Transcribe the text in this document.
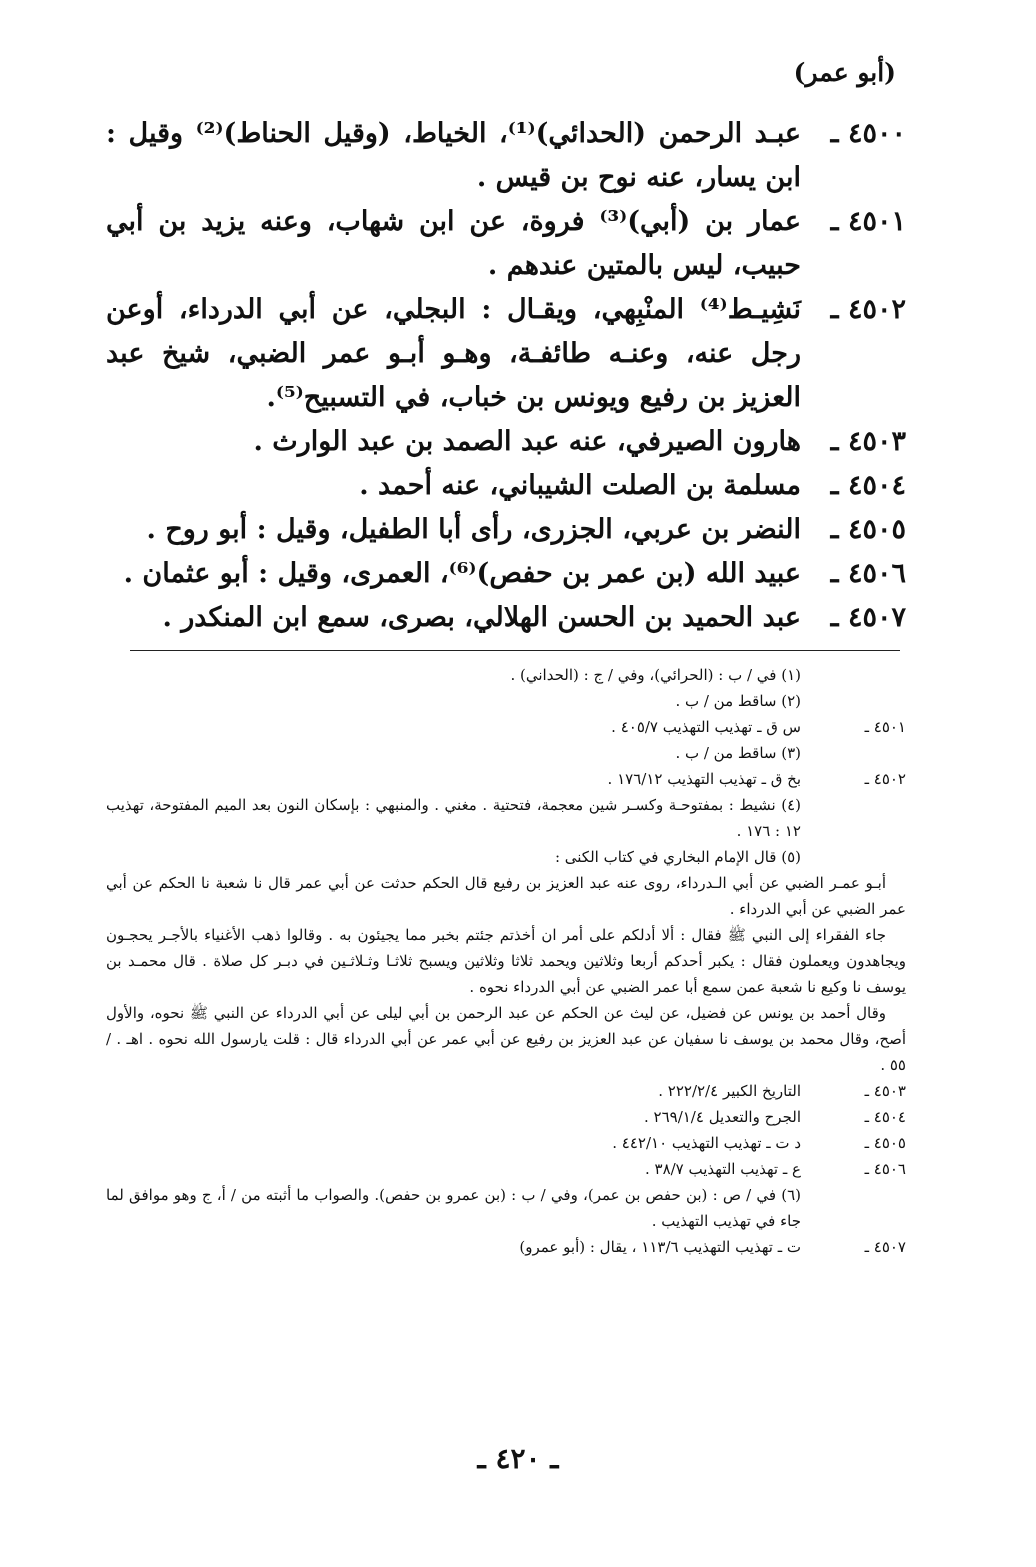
(أبو عمر)
٤٥٠٠ ـ
عبـد الرحمن (الحدائي)⁽¹⁾، الخياط، (وقيل الحناط)⁽²⁾ وقيل : ابن يسار، عنه نوح بن قيس .
٤٥٠١ ـ
عمار بن (أبي)⁽³⁾ فروة، عن ابن شهاب، وعنه يزيد بن أبي حبيب، ليس بالمتين عندهم .
٤٥٠٢ ـ
نَشِيـط⁽⁴⁾ المنْبِهي، ويقـال : البجلي، عن أبي الدرداء، أوعن رجل عنه، وعنـه طائفـة، وهـو أبـو عمر الضبي، شيخ عبد العزيز بن رفيع ويونس بن خباب، في التسبيح⁽⁵⁾.
٤٥٠٣ ـ
هارون الصيرفي، عنه عبد الصمد بن عبد الوارث .
٤٥٠٤ ـ
مسلمة بن الصلت الشيباني، عنه أحمد .
٤٥٠٥ ـ
النضر بن عربي، الجزرى، رأى أبا الطفيل، وقيل : أبو روح .
٤٥٠٦ ـ
عبيد الله (بن عمر بن حفص)⁽⁶⁾، العمرى، وقيل : أبو عثمان .
٤٥٠٧ ـ
عبد الحميد بن الحسن الهلالي، بصرى، سمع ابن المنكدر .
(١) في / ب : (الحرائي)، وفي / ج : (الحداني) .
(٢) ساقط من / ب .
٤٥٠١ ـ
س ق ـ تهذيب التهذيب ٤٠٥/٧ .
(٣) ساقط من / ب .
٤٥٠٢ ـ
بخ ق ـ تهذيب التهذيب ١٧٦/١٢ .
(٤) نشيط : بمفتوحـة وكسـر شين معجمة، فتحتية . مغني . والمنبهي : بإسكان النون بعد الميم المفتوحة، تهذيب ١٢ : ١٧٦ .
(٥) قال الإمام البخاري في كتاب الكنى :

أبـو عمـر الضبي عن أبي الـدرداء، روى عنه عبد العزيز بن رفيع قال الحكم حدثت عن أبي عمر قال نا شعبة نا الحكم عن أبي عمر الضبي عن أبي الدرداء .

جاء الفقراء إلى النبي ﷺ فقال : ألا أدلكم على أمر ان أخذتم جئتم بخبر مما يجيئون به . وقالوا ذهب الأغنياء بالأجـر يحجـون ويجاهدون ويعملون فقال : يكبر أحدكم أربعا وثلاثين ويحمد ثلاثا وثلاثين ويسبح ثلاثـا وثـلاثـين في دبـر كل صلاة . قال محمـد بن يوسف نا وكيع نا شعبة عمن سمع أبا عمر الضبي عن أبي الدرداء نحوه .

وقال أحمد بن يونس عن فضيل، عن ليث عن الحكم عن عبد الرحمن بن أبي ليلى عن أبي الدرداء عن النبي ﷺ نحوه، والأول أصح، وقال محمد بن يوسف نا سفيان عن عبد العزيز بن رفيع عن أبي عمر عن أبي الدرداء قال : قلت يارسول الله نحوه . اهـ . /٥٥ .

٤٥٠٣ ـ
التاريخ الكبير ٢٢٢/٢/٤ .
٤٥٠٤ ـ
الجرح والتعديل ٢٦٩/١/٤ .
٤٥٠٥ ـ
د ت ـ تهذيب التهذيب ٤٤٢/١٠ .
٤٥٠٦ ـ
ع ـ تهذيب التهذيب ٣٨/٧ .
(٦) في / ص : (بن حفص بن عمر)، وفي / ب : (بن عمرو بن حفص). والصواب ما أثبته من / أ، ج وهو موافق لما جاء في تهذيب التهذيب .
٤٥٠٧ ـ
ت ـ تهذيب التهذيب ١١٣/٦ ، يقال : (أبو عمرو)
ـ ٤٢٠ ـ
